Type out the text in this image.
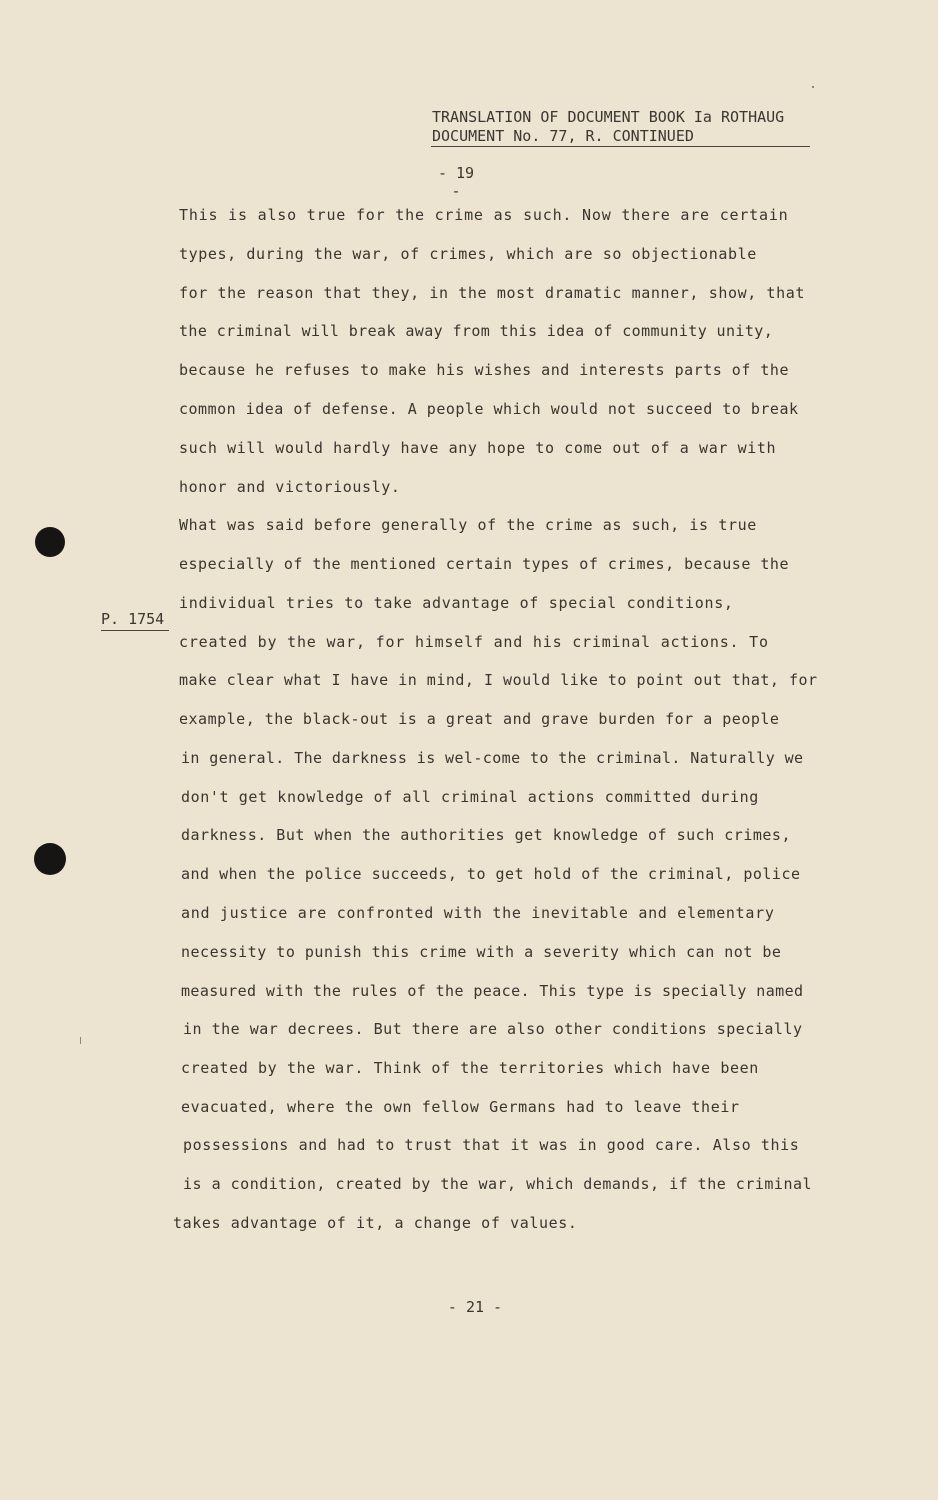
TRANSLATION OF DOCUMENT BOOK Ia ROTHAUG
DOCUMENT No. 77, R. CONTINUED
- 19 -
P. 1754
This is also true for the crime as such. Now there are certain
types, during the war, of crimes, which are so objectionable
for the reason that they, in the most dramatic manner, show, that
the criminal will break away from this idea of community unity,
because he refuses to make his wishes and interests parts of the
common idea of defense. A people which would not succeed to break
such will would hardly have any hope to come out of a war with
honor and victoriously.
What was said before generally of the crime as such, is true
especially of the mentioned certain types of crimes, because the
individual tries to take advantage of special conditions,
created by the war, for himself and his criminal actions. To
make clear what I have in mind, I would like to point out that, for
example, the black-out is a great and grave burden for a people
in general. The darkness is wel-come to the criminal. Naturally we
don't get knowledge of all criminal actions committed during
darkness. But when the authorities get knowledge of such crimes,
and when the police succeeds, to get hold of the criminal, police
and justice are confronted with the inevitable and elementary
necessity to punish this crime with a severity which can not be
measured with the rules of the peace. This type is specially named
in the war decrees. But there are also other conditions specially
created by the war. Think of the territories which have been
evacuated, where the own fellow Germans had to leave their
possessions and had to trust that it was in good care. Also this
is a condition, created by the war, which demands, if the criminal
takes advantage of it, a change of values.
- 21 -
